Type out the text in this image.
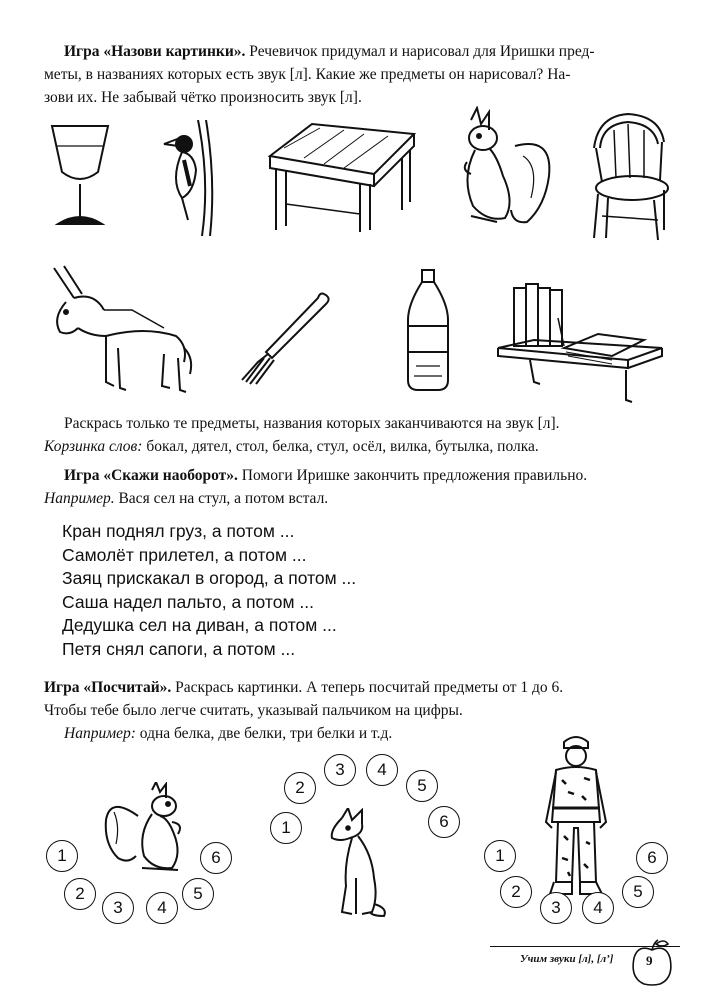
Игра «Назови картинки». Речевичок придумал и нарисовал для Иришки пред-
меты, в названиях которых есть звук [л]. Какие же предметы он нарисовал? На-
зови их. Не забывай чётко произносить звук [л].
Раскрась только те предметы, названия которых заканчиваются на звук [л].
Корзинка слов: бокал, дятел, стол, белка, стул, осёл, вилка, бутылка, полка.
Игра «Скажи наоборот». Помоги Иришке закончить предложения правильно.
Например. Вася сел на стул, а потом встал.
Кран поднял груз, а потом ...
Самолёт прилетел, а потом ...
Заяц прискакал в огород, а потом ...
Саша надел пальто, а потом ...
Дедушка сел на диван, а потом ...
Петя снял сапоги, а потом ...
Игра «Посчитай». Раскрась картинки. А теперь посчитай предметы от 1 до 6.
Чтобы тебе было легче считать, указывай пальчиком на цифры.
Например: одна белка, две белки, три белки и т.д.
1
2
3	4
5
6
1
2
3	4
5
6
1
2
3	4
5
6
Учим звуки [л], [л’]	9
